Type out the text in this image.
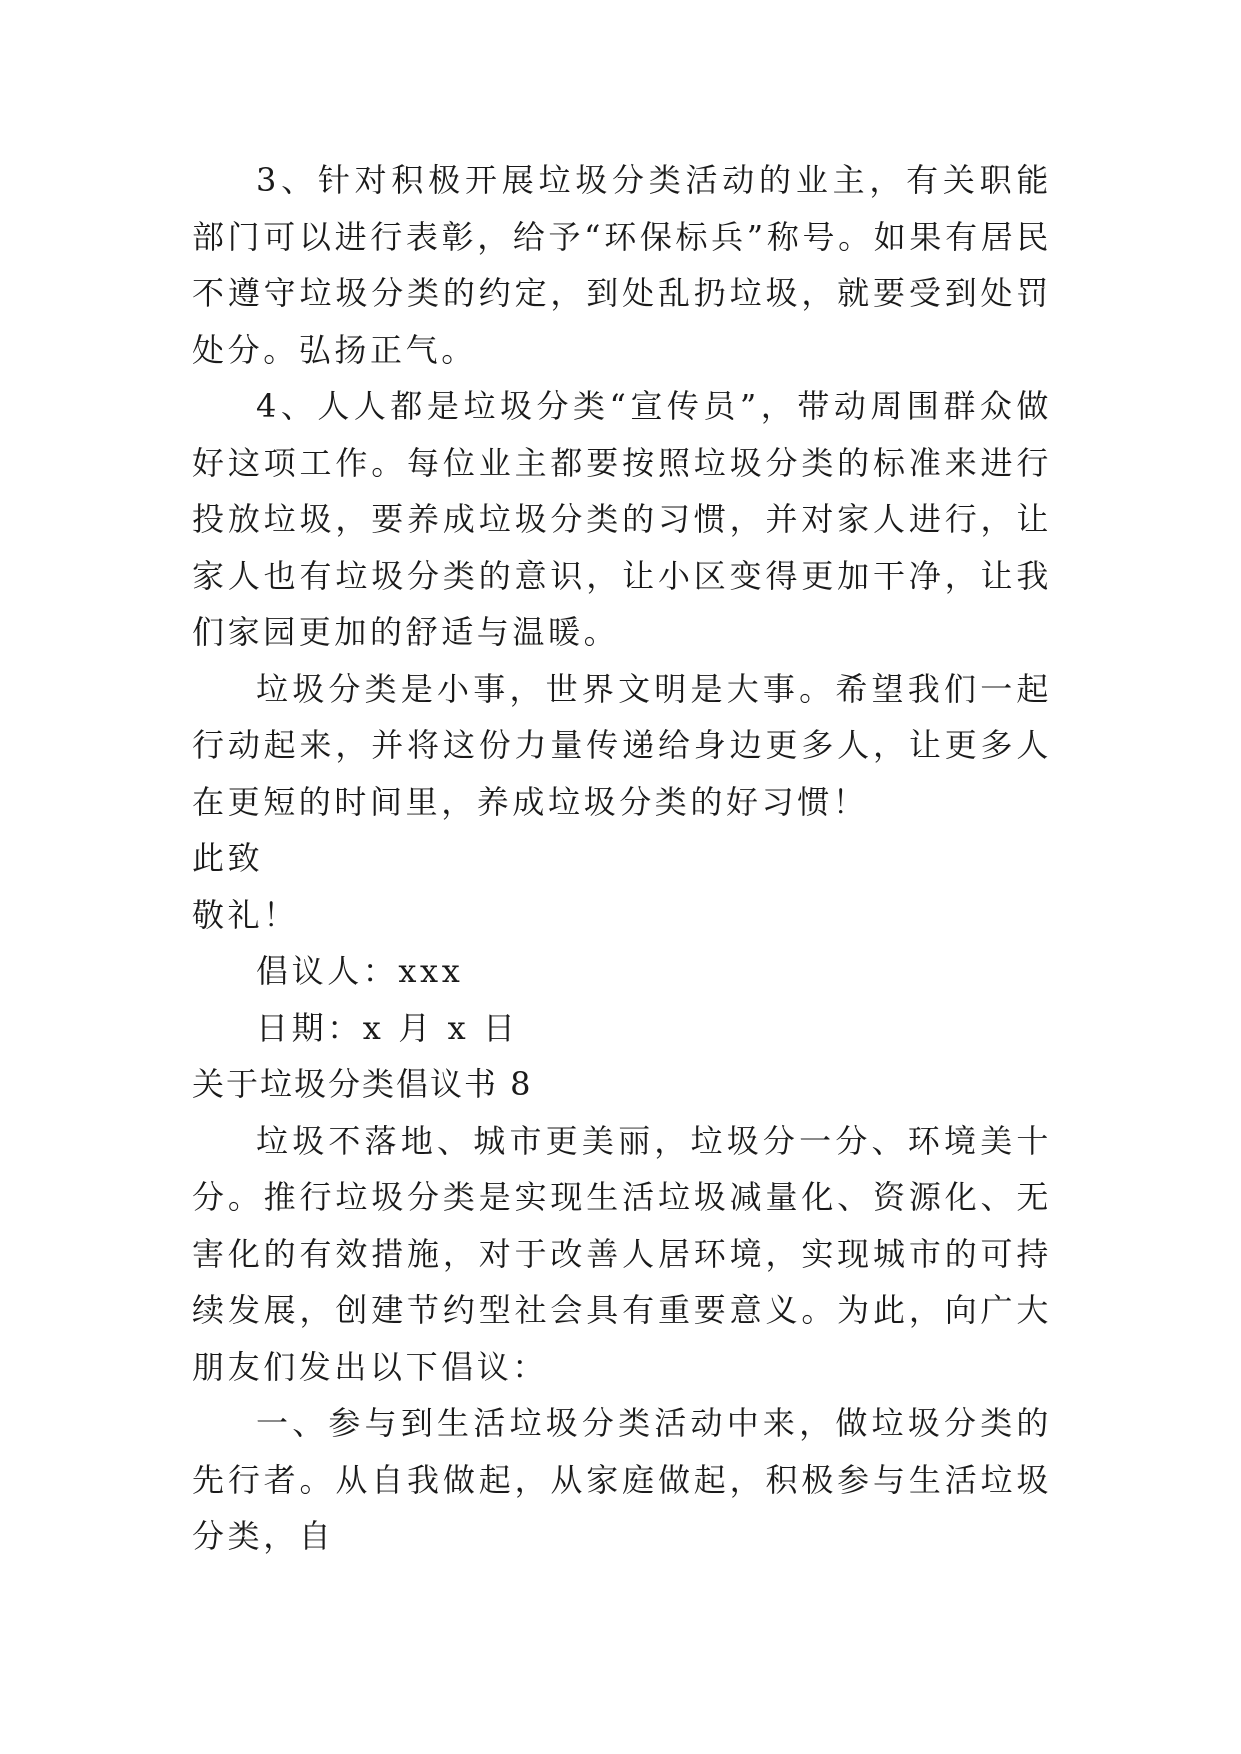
3、针对积极开展垃圾分类活动的业主，有关职能部门可以进行表彰，给予“环保标兵”称号。如果有居民不遵守垃圾分类的约定，到处乱扔垃圾，就要受到处罚处分。弘扬正气。

4、人人都是垃圾分类“宣传员”，带动周围群众做好这项工作。每位业主都要按照垃圾分类的标准来进行投放垃圾，要养成垃圾分类的习惯，并对家人进行，让家人也有垃圾分类的意识，让小区变得更加干净，让我们家园更加的舒适与温暖。

垃圾分类是小事，世界文明是大事。希望我们一起行动起来，并将这份力量传递给身边更多人，让更多人在更短的时间里，养成垃圾分类的好习惯！

此致

敬礼！

倡议人：xxx

日期：x 月 x 日

关于垃圾分类倡议书 8

垃圾不落地、城市更美丽，垃圾分一分、环境美十分。推行垃圾分类是实现生活垃圾减量化、资源化、无害化的有效措施，对于改善人居环境，实现城市的可持续发展，创建节约型社会具有重要意义。为此，向广大朋友们发出以下倡议：

一、参与到生活垃圾分类活动中来，做垃圾分类的先行者。从自我做起，从家庭做起，积极参与生活垃圾分类，自
